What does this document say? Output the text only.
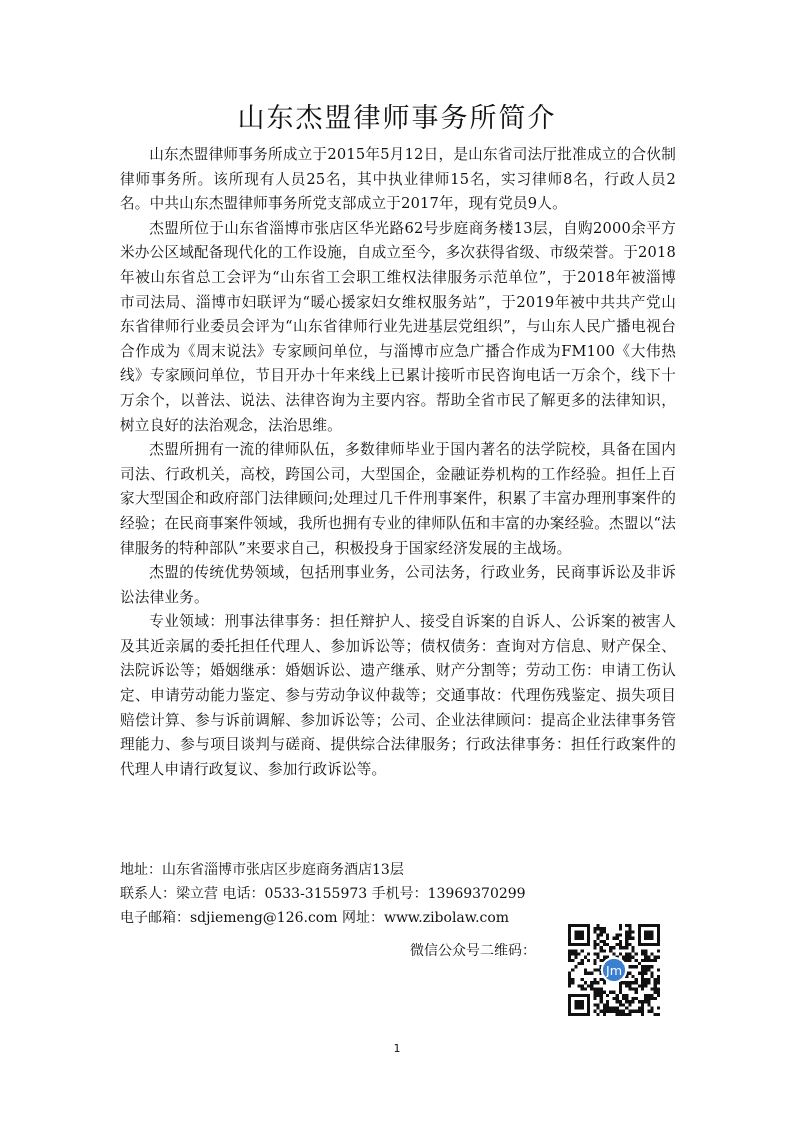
山东杰盟律师事务所简介

山东杰盟律师事务所成立于2015年5月12日，是山东省司法厅批准成立的合伙制律师事务所。该所现有人员25名，其中执业律师15名，实习律师8名，行政人员2名。中共山东杰盟律师事务所党支部成立于2017年，现有党员9人。

杰盟所位于山东省淄博市张店区华光路62号步庭商务楼13层，自购2000余平方米办公区域配备现代化的工作设施，自成立至今，多次获得省级、市级荣誉。于2018年被山东省总工会评为“山东省工会职工维权法律服务示范单位”，于2018年被淄博市司法局、淄博市妇联评为“暖心援家妇女维权服务站”，于2019年被中共共产党山东省律师行业委员会评为“山东省律师行业先进基层党组织”，与山东人民广播电视台合作成为《周末说法》专家顾问单位，与淄博市应急广播合作成为FM100《大伟热线》专家顾问单位，节目开办十年来线上已累计接听市民咨询电话一万余个，线下十万余个，以普法、说法、法律咨询为主要内容。帮助全省市民了解更多的法律知识，树立良好的法治观念，法治思维。

杰盟所拥有一流的律师队伍，多数律师毕业于国内著名的法学院校，具备在国内司法、行政机关，高校，跨国公司，大型国企，金融证券机构的工作经验。担任上百家大型国企和政府部门法律顾问;处理过几千件刑事案件，积累了丰富办理刑事案件的经验；在民商事案件领域，我所也拥有专业的律师队伍和丰富的办案经验。杰盟以“法律服务的特种部队”来要求自己，积极投身于国家经济发展的主战场。

杰盟的传统优势领域，包括刑事业务，公司法务，行政业务，民商事诉讼及非诉讼法律业务。

专业领域：刑事法律事务：担任辩护人、接受自诉案的自诉人、公诉案的被害人及其近亲属的委托担任代理人、参加诉讼等；债权债务：查询对方信息、财产保全、法院诉讼等；婚姻继承：婚姻诉讼、遗产继承、财产分割等；劳动工伤：申请工伤认定、申请劳动能力鉴定、参与劳动争议仲裁等；交通事故：代理伤残鉴定、损失项目赔偿计算、参与诉前调解、参加诉讼等；公司、企业法律顾问：提高企业法律事务管理能力、参与项目谈判与磋商、提供综合法律服务；行政法律事务：担任行政案件的代理人申请行政复议、参加行政诉讼等。

地址：山东省淄博市张店区步庭商务酒店13层
联系人：梁立营 电话：0533-3155973 手机号：13969370299
电子邮箱：sdjiemeng@126.com 网址：www.zibolaw.com
微信公众号二维码：
Jm
1
